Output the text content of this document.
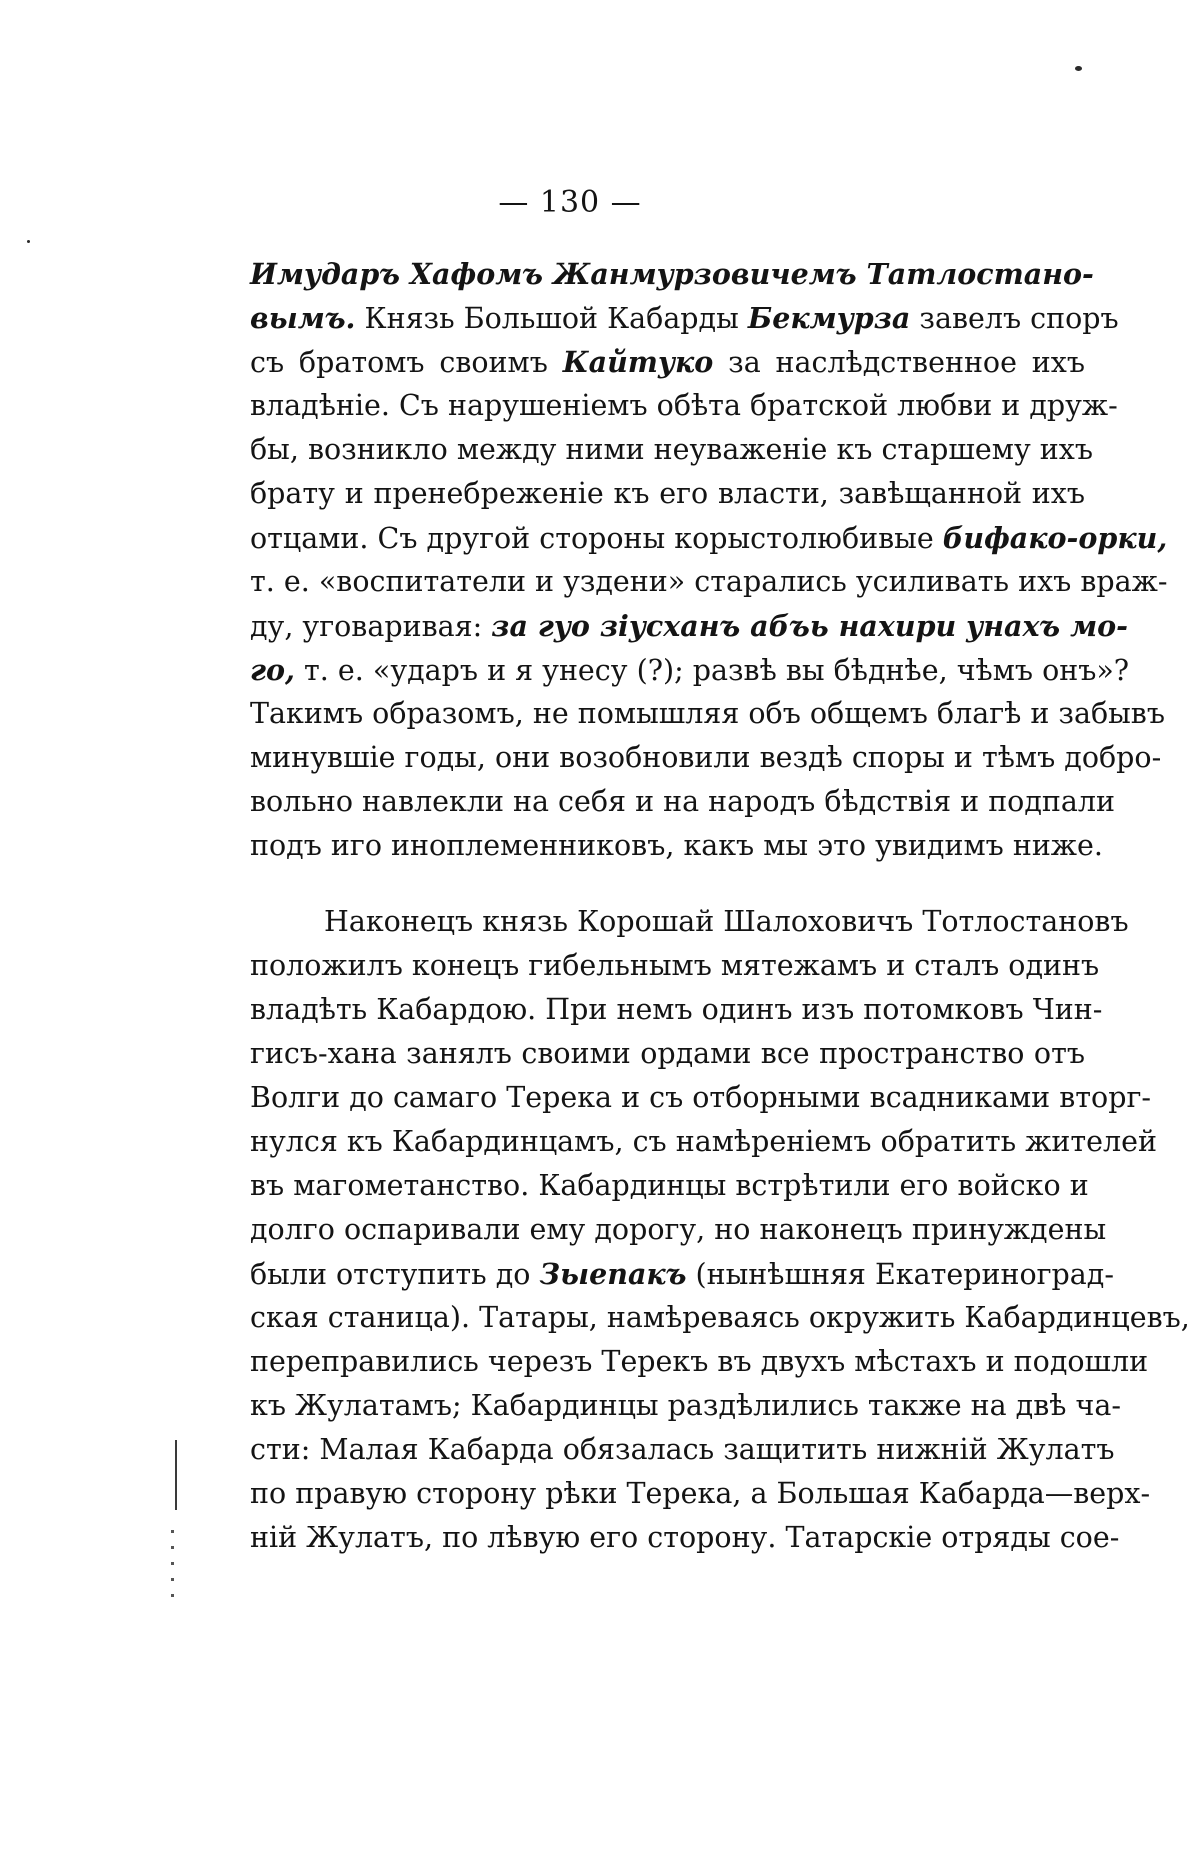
— 130 —
Имударъ Хафомъ Жанмурзовичемъ Татлостано-
вымъ. Князь Большой Кабарды Бекмурза завелъ споръ
съ братомъ своимъ Кайтуко за наслѣдственное ихъ
владѣніе. Съ нарушеніемъ обѣта братской любви и друж-
бы, возникло между ними неуваженіе къ старшему ихъ
брату и пренебреженіе къ его власти, завѣщанной ихъ
отцами. Съ другой стороны корыстолюбивые бифако-орки,
т. е. «воспитатели и уздени» старались усиливать ихъ враж-
ду, уговаривая: за гуо зіусханъ абъь нахири унахъ мо-
го, т. е. «ударъ и я унесу (?); развѣ вы бѣднѣе, чѣмъ онъ»?
Такимъ образомъ, не помышляя объ общемъ благѣ и забывъ
минувшіе годы, они возобновили вездѣ споры и тѣмъ добро-
вольно навлекли на себя и на народъ бѣдствія и подпали
подъ иго иноплеменниковъ, какъ мы это увидимъ ниже.
Наконецъ князь Корошай Шалоховичъ Тотлостановъ
положилъ конецъ гибельнымъ мятежамъ и сталъ одинъ
владѣть Кабардою. При немъ одинъ изъ потомковъ Чин-
гисъ-хана занялъ своими ордами все пространство отъ
Волги до самаго Терека и съ отборными всадниками вторг-
нулся къ Кабардинцамъ, съ намѣреніемъ обратить жителей
въ магометанство. Кабардинцы встрѣтили его войско и
долго оспаривали ему дорогу, но наконецъ принуждены
были отступить до Зыепакъ (нынѣшняя Екатериноград-
ская станица). Татары, намѣреваясь окружить Кабардинцевъ,
переправились черезъ Терекъ въ двухъ мѣстахъ и подошли
къ Жулатамъ; Кабардинцы раздѣлились также на двѣ ча-
сти: Малая Кабарда обязалась защитить нижній Жулатъ
по правую сторону рѣки Терека, а Большая Кабарда—верх-
ній Жулатъ, по лѣвую его сторону. Татарскіе отряды сое-
